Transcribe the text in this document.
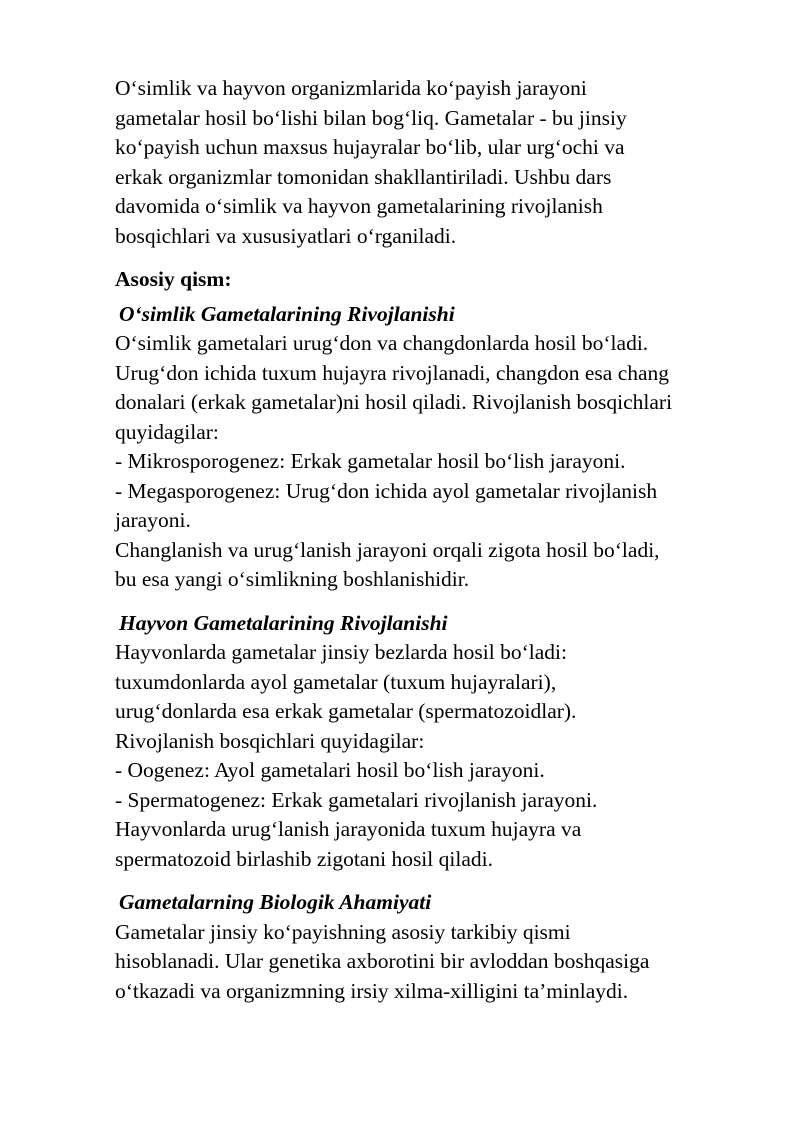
O‘simlik va hayvon organizmlarida ko‘payish jarayoni
gametalar hosil bo‘lishi bilan bog‘liq. Gametalar - bu jinsiy
ko‘payish uchun maxsus hujayralar bo‘lib, ular urg‘ochi va
erkak organizmlar tomonidan shakllantiriladi. Ushbu dars
davomida o‘simlik va hayvon gametalarining rivojlanish
bosqichlari va xususiyatlari o‘rganiladi.
Asosiy qism:
O‘simlik Gametalarining Rivojlanishi
O‘simlik gametalari urug‘don va changdonlarda hosil bo‘ladi.
Urug‘don ichida tuxum hujayra rivojlanadi, changdon esa chang
donalari (erkak gametalar)ni hosil qiladi. Rivojlanish bosqichlari
quyidagilar:
- Mikrosporogenez: Erkak gametalar hosil bo‘lish jarayoni.
- Megasporogenez: Urug‘don ichida ayol gametalar rivojlanish
jarayoni.
Changlanish va urug‘lanish jarayoni orqali zigota hosil bo‘ladi,
bu esa yangi o‘simlikning boshlanishidir.
Hayvon Gametalarining Rivojlanishi
Hayvonlarda gametalar jinsiy bezlarda hosil bo‘ladi:
tuxumdonlarda ayol gametalar (tuxum hujayralari),
urug‘donlarda esa erkak gametalar (spermatozoidlar).
Rivojlanish bosqichlari quyidagilar:
- Oogenez: Ayol gametalari hosil bo‘lish jarayoni.
- Spermatogenez: Erkak gametalari rivojlanish jarayoni.
Hayvonlarda urug‘lanish jarayonida tuxum hujayra va
spermatozoid birlashib zigotani hosil qiladi.
Gametalarning Biologik Ahamiyati
Gametalar jinsiy ko‘payishning asosiy tarkibiy qismi
hisoblanadi. Ular genetika axborotini bir avloddan boshqasiga
o‘tkazadi va organizmning irsiy xilma-xilligini ta’minlaydi.
